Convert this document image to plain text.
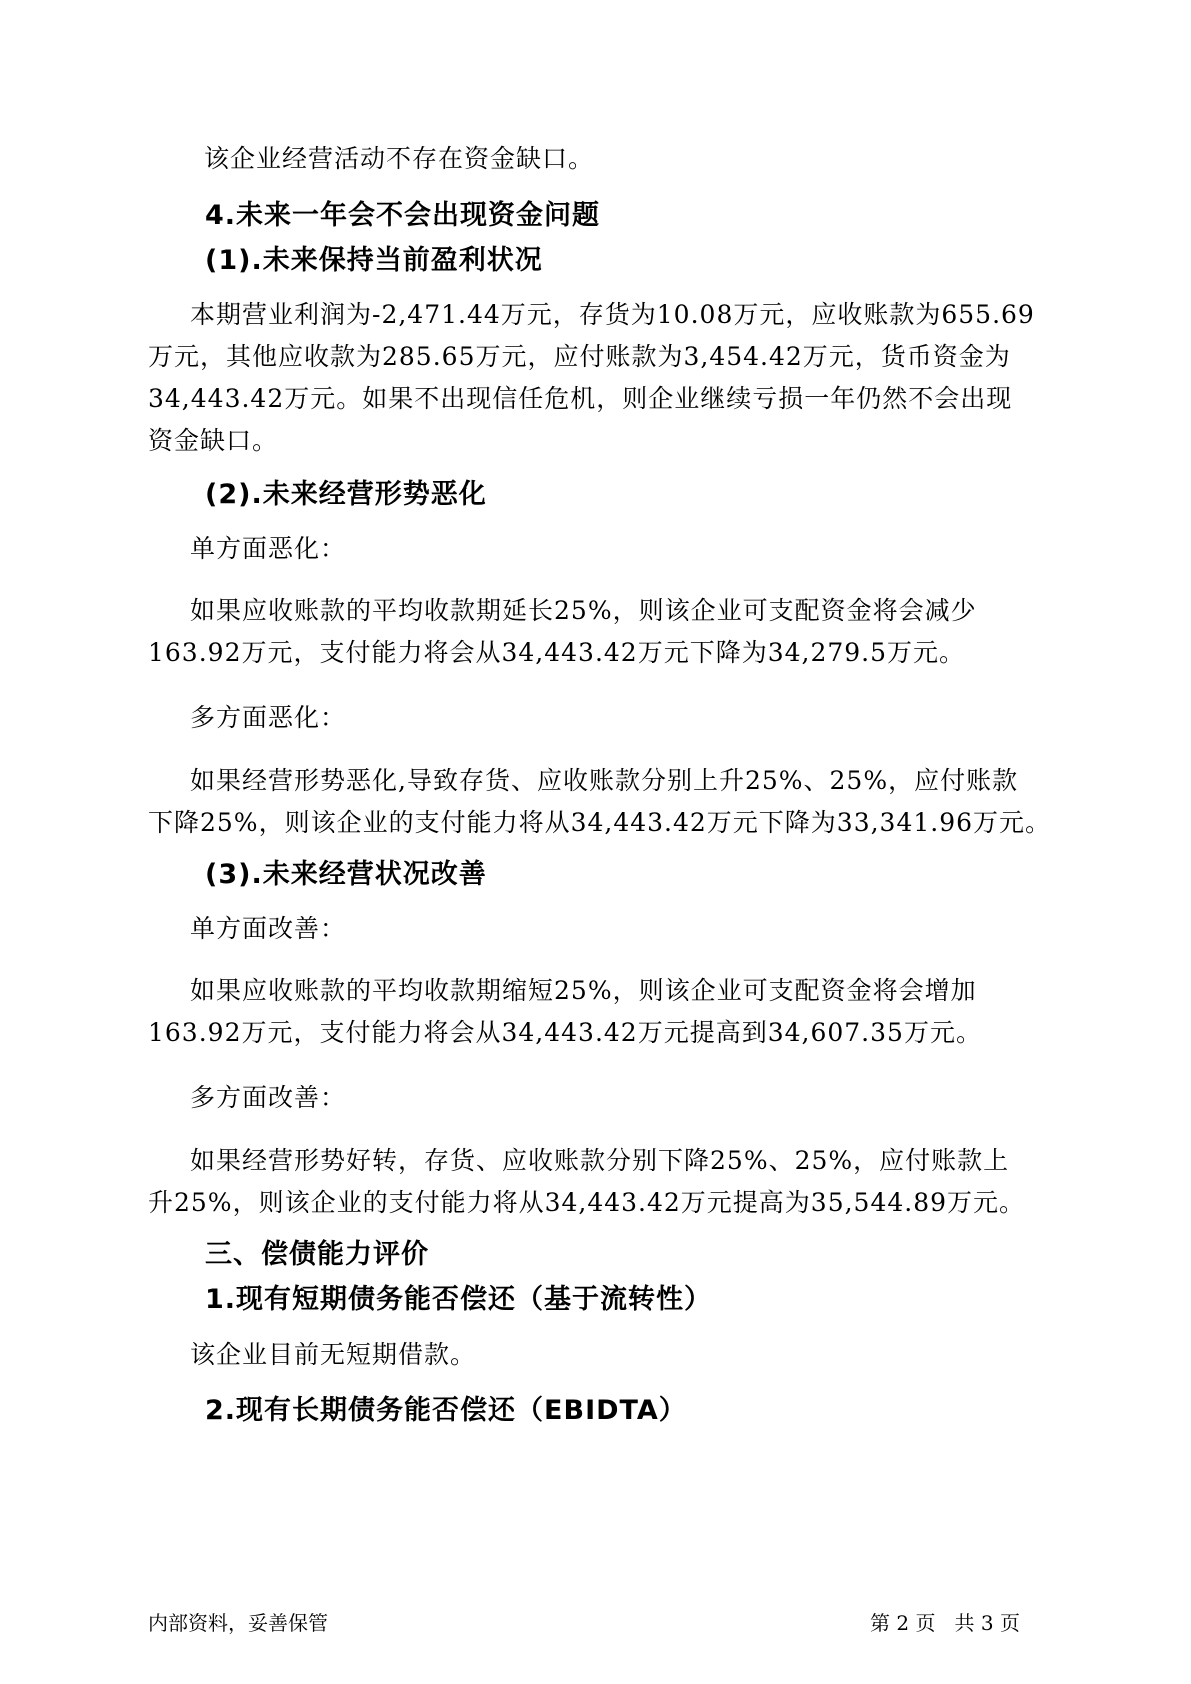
该企业经营活动不存在资金缺口。

4.未来一年会不会出现资金问题
(1).未来保持当前盈利状况
本期营业利润为-2,471.44万元，存货为10.08万元，应收账款为655.69
万元，其他应收款为285.65万元，应付账款为3,454.42万元，货币资金为
34,443.42万元。如果不出现信任危机，则企业继续亏损一年仍然不会出现
资金缺口。
(2).未来经营形势恶化
单方面恶化：
如果应收账款的平均收款期延长25%，则该企业可支配资金将会减少
163.92万元，支付能力将会从34,443.42万元下降为34,279.5万元。
多方面恶化：
如果经营形势恶化,导致存货、应收账款分别上升25%、25%，应付账款
下降25%，则该企业的支付能力将从34,443.42万元下降为33,341.96万元。
(3).未来经营状况改善
单方面改善：
如果应收账款的平均收款期缩短25%，则该企业可支配资金将会增加
163.92万元，支付能力将会从34,443.42万元提高到34,607.35万元。
多方面改善：
如果经营形势好转，存货、应收账款分别下降25%、25%，应付账款上
升25%，则该企业的支付能力将从34,443.42万元提高为35,544.89万元。
三、偿债能力评价
1.现有短期债务能否偿还（基于流转性）
该企业目前无短期借款。
2.现有长期债务能否偿还（EBIDTA）
内部资料，妥善保管	第 2 页   共 3 页
